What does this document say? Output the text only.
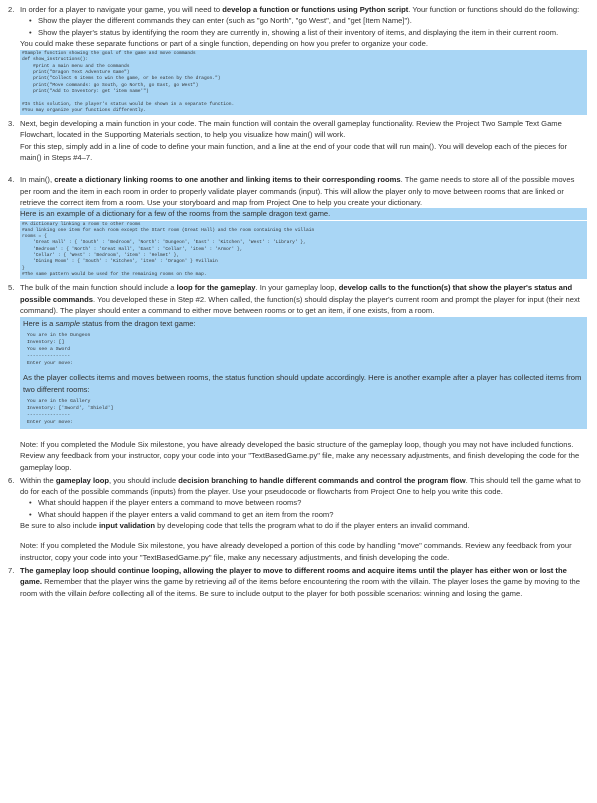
2. In order for a player to navigate your game, you will need to develop a function or functions using Python script. Your function or functions should do the following:

• Show the player the different commands they can enter (such as "go North", "go West", and "get [Item Name]").
• Show the player's status by identifying the room they are currently in, showing a list of their inventory of items, and displaying the item in their current room.

You could make these separate functions or part of a single function, depending on how you prefer to organize your code.

#Sample function showing the goal of the game and move commands
def show_instructions():
#print a main menu and the commands
print("Dragon Text Adventure Game")
print("Collect 6 items to win the game, or be eaten by the dragon.")
print("Move commands: go South, go North, go East, go West")
print("Add to Inventory: get 'item name'")

#In this solution, the player's status would be shown in a separate function.
#You may organize your functions differently.
3. Next, begin developing a main function in your code. The main function will contain the overall gameplay functionality. Review the Project Two Sample Text Game Flowchart, located in the Supporting Materials section, to help you visualize how main() will work.

For this step, simply add in a line of code to define your main function, and a line at the end of your code that will run main(). You will develop each of the pieces for main() in Steps #4–7.

4. In main(), create a dictionary linking rooms to one another and linking items to their corresponding rooms. The game needs to store all of the possible moves per room and the item in each room in order to properly validate player commands (input). This will allow the player only to move between rooms that are linked or retrieve the correct item from a room. Use your storyboard and map from Project One to help you create your dictionary.

Here is an example of a dictionary for a few of the rooms from the sample dragon text game.
#A dictionary linking a room to other rooms
#and linking one item for each room except the Start room (Great Hall) and the room containing the villain
rooms = {
'Great Hall' : { 'South' : 'Bedroom', 'North': 'Dungeon', 'East' : 'Kitchen', 'West' : 'Library' },
'Bedroom' : { 'North' : 'Great Hall', 'East' : 'Cellar', 'item' : 'Armor' },
'Cellar' : { 'West' : 'Bedroom', 'item' : 'Helmet' },
'Dining Room' : { 'South' : 'Kitchen', 'item' : 'Dragon' } #villain
}
#The same pattern would be used for the remaining rooms on the map.
5. The bulk of the main function should include a loop for the gameplay. In your gameplay loop, develop calls to the function(s) that show the player's status and possible commands. You developed these in Step #2. When called, the function(s) should display the player's current room and prompt the player for input (their next command). The player should enter a command to either move between rooms or to get an item, if one exists, from a room.

Here is a sample status from the dragon text game:

You are in the Dungeon
Inventory: []
You see a Sword
---------------
Enter your move:

As the player collects items and moves between rooms, the status function should update accordingly. Here is another example after a player has collected items from two different rooms:

You are in the Gallery
Inventory: ['Sword', 'Shield']
---------------
Enter your move:

Note: If you completed the Module Six milestone, you have already developed the basic structure of the gameplay loop, though you may not have included functions. Review any feedback from your instructor, copy your code into your "TextBasedGame.py" file, make any necessary adjustments, and finish developing the code for the gameplay loop.

6. Within the gameplay loop, you should include decision branching to handle different commands and control the program flow. This should tell the game what to do for each of the possible commands (inputs) from the player. Use your pseudocode or flowcharts from Project One to help you write this code.

• What should happen if the player enters a command to move between rooms?
• What should happen if the player enters a valid command to get an item from the room?

Be sure to also include input validation by developing code that tells the program what to do if the player enters an invalid command.

Note: If you completed the Module Six milestone, you have already developed a portion of this code by handling "move" commands. Review any feedback from your instructor, copy your code into your "TextBasedGame.py" file, make any necessary adjustments, and finish developing the code.

7. The gameplay loop should continue looping, allowing the player to move to different rooms and acquire items until the player has either won or lost the game. Remember that the player wins the game by retrieving all of the items before encountering the room with the villain. The player loses the game by moving to the room with the villain before collecting all of the items. Be sure to include output to the player for both possible scenarios: winning and losing the game.
